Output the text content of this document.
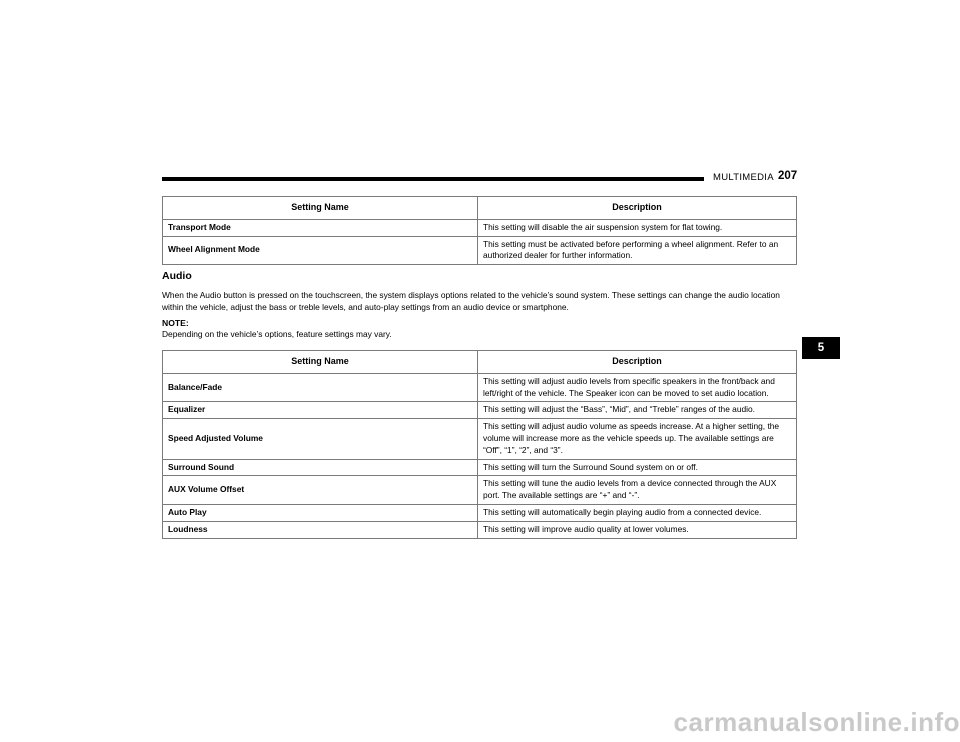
MULTIMEDIA 207
5
Setting Name	Description
Transport Mode	This setting will disable the air suspension system for flat towing.
Wheel Alignment Mode	This setting must be activated before performing a wheel alignment. Refer to an authorized dealer for further information.
Audio
When the Audio button is pressed on the touchscreen, the system displays options related to the vehicle’s sound system. These settings can change the audio location within the vehicle, adjust the bass or treble levels, and auto-play settings from an audio device or smartphone.
NOTE:
Depending on the vehicle’s options, feature settings may vary.
Setting Name	Description
Balance/Fade	This setting will adjust audio levels from specific speakers in the front/back and left/right of the vehicle. The Speaker icon can be moved to set audio location.
Equalizer	This setting will adjust the “Bass”, “Mid”, and “Treble” ranges of the audio.
Speed Adjusted Volume	This setting will adjust audio volume as speeds increase. At a higher setting, the volume will increase more as the vehicle speeds up. The available settings are “Off”, “1”, “2”, and “3”.
Surround Sound	This setting will turn the Surround Sound system on or off.
AUX Volume Offset	This setting will tune the audio levels from a device connected through the AUX port. The available settings are “+” and “-”.
Auto Play	This setting will automatically begin playing audio from a connected device.
Loudness	This setting will improve audio quality at lower volumes.
carmanualsonline.info
